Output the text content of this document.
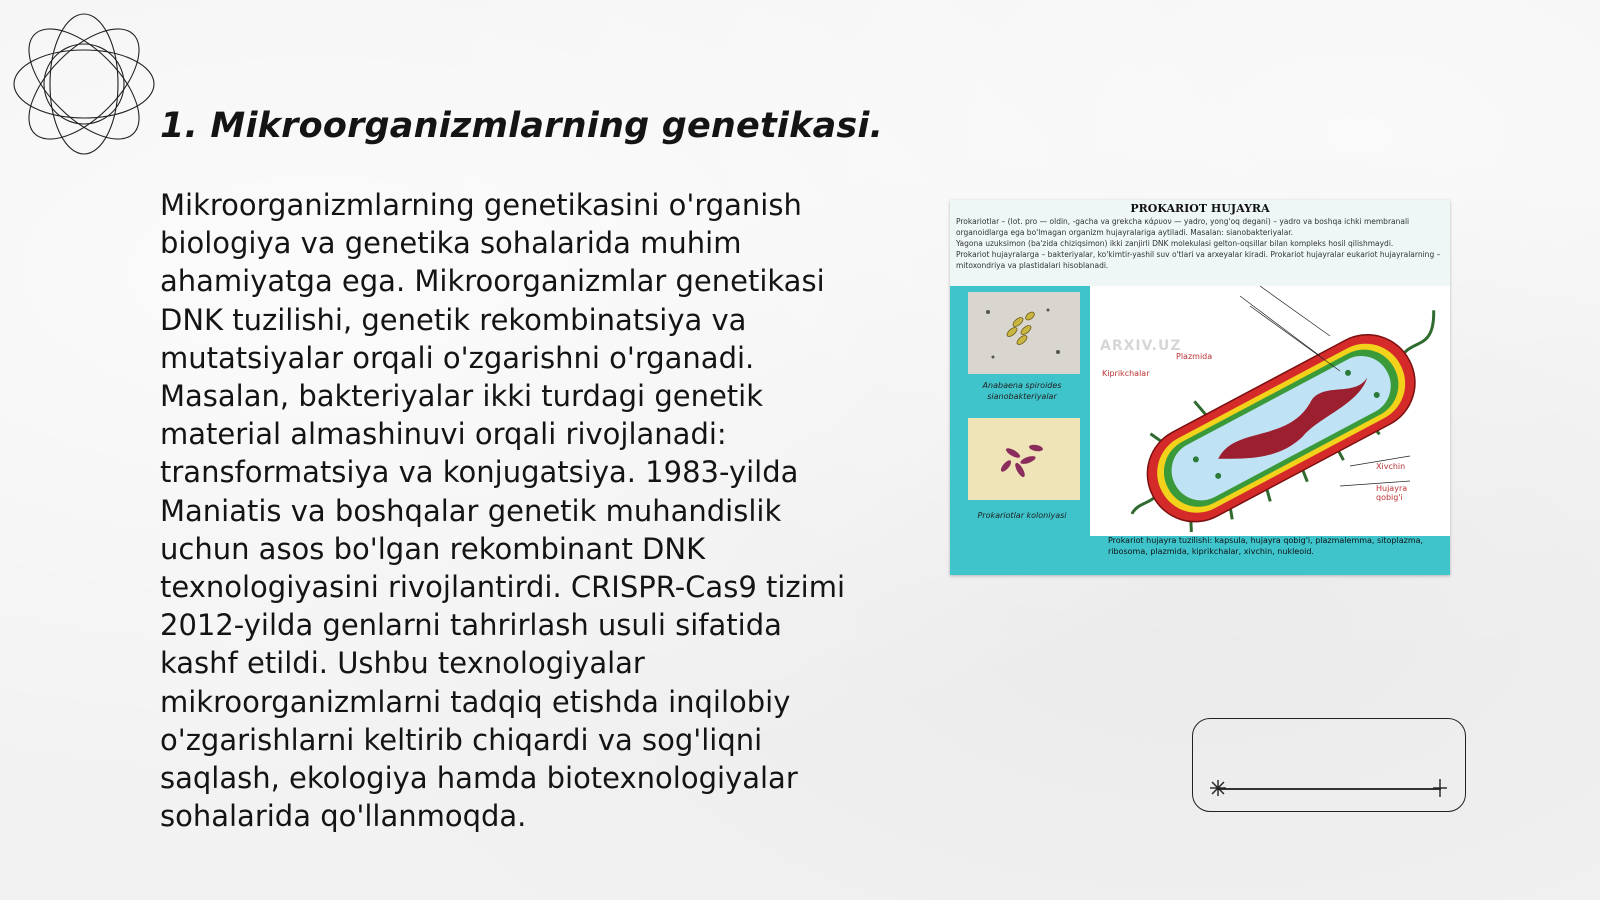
1. Mikroorganizmlarning genetikasi.

Mikroorganizmlarning genetikasini o'rganish biologiya va genetika sohalarida muhim ahamiyatga ega. Mikroorganizmlar genetikasi DNK tuzilishi, genetik rekombinatsiya va mutatsiyalar orqali o'zgarishni o'rganadi. Masalan, bakteriyalar ikki turdagi genetik material almashinuvi orqali rivojlanadi: transformatsiya va konjugatsiya. 1983-yilda Maniatis va boshqalar genetik muhandislik uchun asos bo'lgan rekombinant DNK texnologiyasini rivojlantirdi. CRISPR-Cas9 tizimi 2012-yilda genlarni tahrirlash usuli sifatida kashf etildi. Ushbu texnologiyalar mikroorganizmlarni tadqiq etishda inqilobiy o'zgarishlarni keltirib chiqardi va sog'liqni saqlash, ekologiya hamda biotexnologiyalar sohalarida qo'llanmoqda.

PROKARIOT HUJAYRA
Prokariotlar – (lot. pro — oldin, -gacha va grekcha κάρυον — yadro, yong'oq degani) – yadro va boshqa ichki membranali organoidlarga ega bo'lmagan organizm hujayralariga aytiladi. Masalan: sianobakteriyalar.
Yagona uzuksimon (ba'zida chiziqsimon) ikki zanjirli DNK molekulasi gelton-oqsillar bilan kompleks hosil qilishmaydi.
Prokariot hujayralarga – bakteriyalar, ko'kimtir-yashil suv o'tlari va arxeyalar kiradi. Prokariot hujayralar eukariot hujayralarning – mitoxondriya va plastidalari hisoblanadi.
Anabaena spiroides sianobakteriyalar
Prokariotlar koloniyasi
Plazmida
Kiprikchalar
Xivchin
Hujayra qobig'i
ARXIV.UZ
Prokariot hujayra tuzilishi: kapsula, hujayra qobig'i, plazmalemma, sitoplazma, ribosoma, plazmida, kiprikchalar, xivchin, nukleoid.
